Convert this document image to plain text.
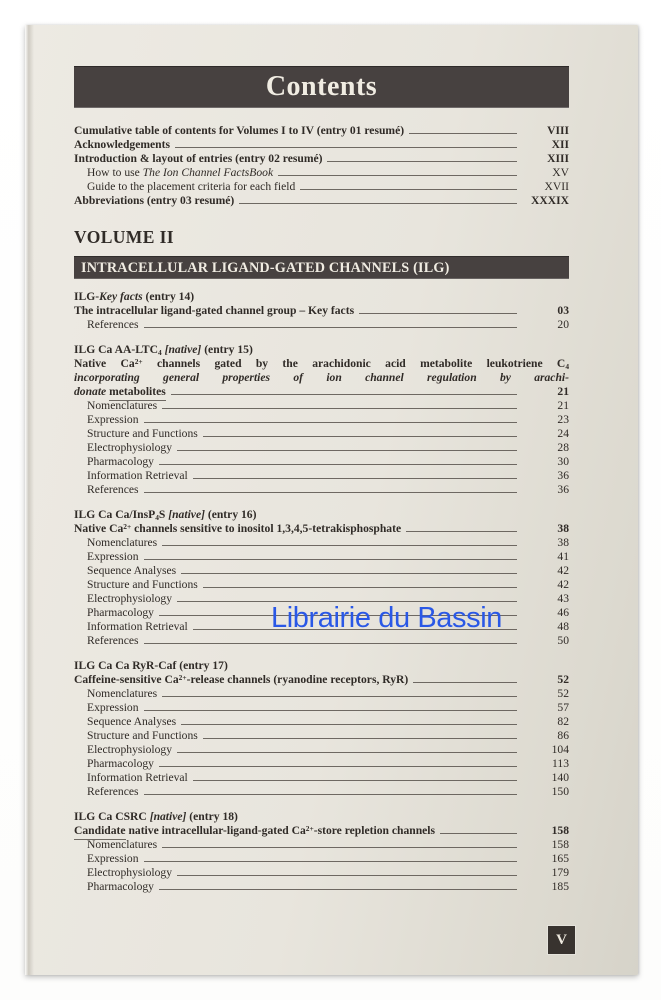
Contents
Cumulative table of contents for Volumes I to IV (entry 01 resumé)	VIII
Acknowledgements	XII
Introduction & layout of entries (entry 02 resumé)	XIII
How to use The Ion Channel FactsBook	XV
Guide to the placement criteria for each field	XVII
Abbreviations (entry 03 resumé)	XXXIX
VOLUME II
INTRACELLULAR LIGAND-GATED CHANNELS (ILG)
ILG-Key facts (entry 14)
The intracellular ligand-gated channel group – Key facts	03
References	20
ILG Ca $AA-LTC_4$ [native] (entry 15)
Native $Ca^{2+}$ channels gated by the arachidonic acid metabolite leukotriene $C_4$
incorporating general properties of ion channel regulation by arachi-
donate metabolites	21
Nomenclatures	21
Expression	23
Structure and Functions	24
Electrophysiology	28
Pharmacology	30
Information Retrieval	36
References	36
ILG Ca Ca/InsP$_4$S [native] (entry 16)
Native $Ca^{2+}$ channels sensitive to inositol 1,3,4,5-tetrakisphosphate	38
Nomenclatures	38
Expression	41
Sequence Analyses	42
Structure and Functions	42
Electrophysiology	43
Pharmacology	46
Information Retrieval	48
References	50
ILG Ca Ca RyR-Caf (entry 17)
Caffeine-sensitive $Ca^{2+}$-release channels (ryanodine receptors, RyR)	52
Nomenclatures	52
Expression	57
Sequence Analyses	82
Structure and Functions	86
Electrophysiology	104
Pharmacology	113
Information Retrieval	140
References	150
ILG Ca CSRC [native] (entry 18)
Candidate native intracellular-ligand-gated $Ca^{2+}$-store repletion channels	158
Nomenclatures	158
Expression	165
Electrophysiology	179
Pharmacology	185
V
Librairie du Bassin
